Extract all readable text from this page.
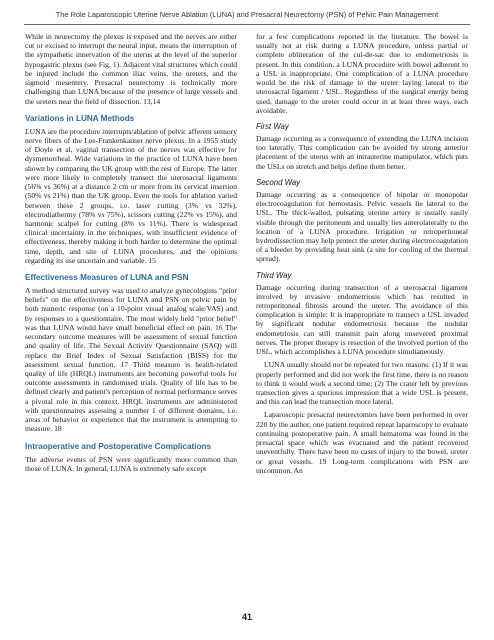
The Role Laparoscopic Uterine Nerve Ablation (LUNA) and Presacral Neurectomy (PSN) of Pelvic Pain Management

While in neurectomy the plexus is exposed and the nerves are either cut or excised to interrupt the neural input, means the interruption of the sympathetic innervation of the uterus at the level of the superior hypogastric plexus (see Fig. 1). Adjacent vital structures which could be injured include the common iliac veins, the ureters, and the sigmoid mesentery. Presacral neurectomy is technically more challenging than LUNA because of the presence of large vessels and the ureters near the field of dissection. 13,14

Variations in LUNA Methods

LUNA are the procedure interrupts/ablation of pelvic afferent sensory nerve fibers of the Lee-Frankenkauser nerve plexus. In a 1955 study of Doyle et al, vaginal transection of the nerves was effective for dysmenorrheal. Wide variations in the practice of LUNA have been shown by comparing the UK group with the rest of Europe. The latter were more likely to completely transect the uterosacral ligaments (56% vs 36%) at a distance 2 cm or more from its cervical insertion (50% vs 21%) than the UK group. Even the tools for ablation varied between these 2 groups, i.e. laser cutting (3% vs 32%), electrodiathermy (78% vs 75%), scissors cutting (22% vs 15%), and harmonic scalpel for cutting (8% vs 11%). There is widespread clinical uncertainty in the techniques, with insufficient evidence of effectiveness, thereby making it both harder to determine the optimal time, depth, and site of LUNA procedures, and the opinions regarding its use uncertain and variable. 15

Effectiveness Measures of LUNA and PSN

A method structured survey was used to analyze gynecologists "prior beliefs" on the effectiveness for LUNA and PSN on pelvic pain by both numeric response (on a 10-point visual analog scale/VAS) and by responses to a questionnaire. The most widely held "prior belief" was that LUNA would have small beneficial effect on pain. 16 The secondary outcome measures will be assessment of sexual function and quality of life. The Sexual Activity Questionnaire (SAQ) will replace the Brief Index of Sexual Satisfaction (BISS) for the assessment sexual function. 17 Third measure is health-related quality of life (HRQL) instruments are becoming powerful tools for outcome assessments in randomised trials. Quality of life has to be defined clearly and patient's perception of normal performance serves a pivotal role in this context. HRQL instruments are administered with questionnaires assessing a number 1 of different domains, i.e. areas of behavior or experience that the instrument is attempting to measure. 18

Intraoperative and Postoperative Complications

The adverse events of PSN were significantly more common than those of LUNA. In general, LUNA is extremely safe except

for a few complications reported in the literature. The bowel is usually not at risk during a LUNA procedure, unless partial or complete obliteration of the cul-de-sac due to endometriosis is present. In this condition, a LUNA procedure with bowel adherent to a USL is inappropriate. One complication of a LUNA procedure would be the risk of damage to the ureter laying lateral to the uterosacral ligament / USL. Regardless of the surgical energy being used, damage to the ureter could occur in at least three ways, each avoidable.

First Way

Damage occurring as a consequence of extending the LUNA incision too laterally. This complication can be avoided by strong anterior placement of the uterus with an intrauterine manipulator, which puts the USLs on stretch and helps define them better.

Second Way

Damage occurring as a consequence of bipolar or monopolar electrocoagulation for hemostasis. Pelvic vessels lie lateral to the USL. The thick-walled, pulsating uterine artery is usually easily visible through the peritoneum and usually lies anterolaterally to the location of a LUNA procedure. Irrigation or retroperitoneal hydrodissection may help protect the ureter during electrocoagulation of a bleeder by providing heat sink (a site for cooling of the thermal spread).

Third Way

Damage occurring during transection of a uterosacral ligament involved by invasive endometriosis which has resulted in retroperitoneal fibrosis around the ureter. The avoidance of this complication is simple: It is inappropriate to transect a USL invaded by significant nodular endometriosis because the nodular endometriosis can still transmit pain along unsevered proximal nerves. The proper therapy is resection of the involved portion of the USL, which accomplishes a LUNA procedure simultaneously.

LUNA usually should not be repeated for two reasons: (1) If it was properly performed and did not work the first time, there is no reason to think it would work a second time; (2) The crater left by previous transection gives a spurious impression that a wide USL is present, and this can lead the transection more lateral.

Laparoscopic presacral neurectomies have been performed in over 220 by the author, one patient required repeat laparoscopy to evaluate continuing postoperative pain. A small hematoma was found in the presacral space which was evacuated and the patient recovered uneventfully. There have been no cases of injury to the bowel, ureter or great vessels. 19 Long-term complications with PSN are uncommon. An

41
